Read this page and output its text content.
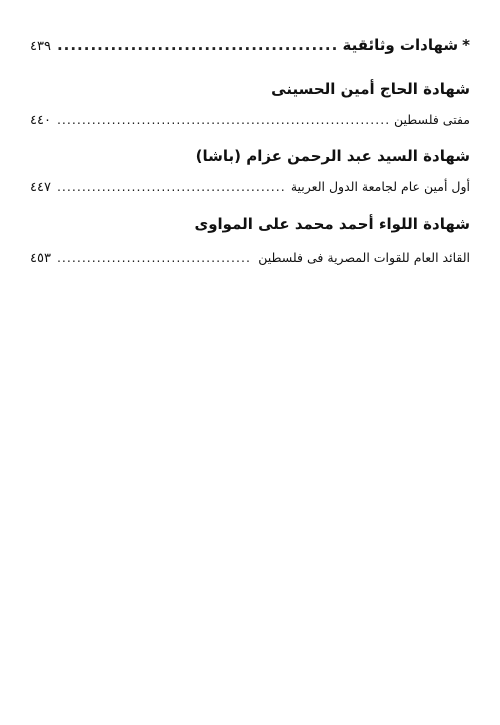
*شهادات وثائقية
.....
٤٣٩
شهادة الحاج أمين الحسينى
مفتى فلسطين
.....
٤٤٠
شهادة السيد عبد الرحمن عزام (باشا)
أول أمين عام لجامعة الدول العربية
.....
٤٤٧
شهادة اللواء أحمد محمد على المواوى
القائد العام للقوات المصرية فى فلسطين
.....
٤٥٣
